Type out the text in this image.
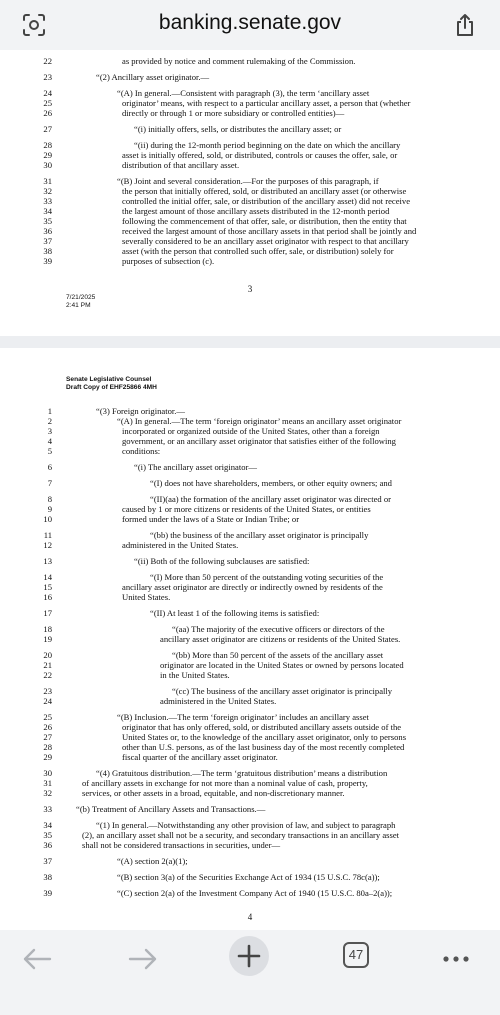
banking.senate.gov
22	as provided by notice and comment rulemaking of the Commission.
23	“(2) Ancillary asset originator.—
24	“(A) In general.—Consistent with paragraph (3), the term ‘ancillary asset
25	originator’ means, with respect to a particular ancillary asset, a person that (whether
26	directly or through 1 or more subsidiary or controlled entities)—
27	“(i) initially offers, sells, or distributes the ancillary asset; or
28	“(ii) during the 12-month period beginning on the date on which the ancillary
29	asset is initially offered, sold, or distributed, controls or causes the offer, sale, or
30	distribution of that ancillary asset.
31	“(B) Joint and several consideration.—For the purposes of this paragraph, if
32	the person that initially offered, sold, or distributed an ancillary asset (or otherwise
33	controlled the initial offer, sale, or distribution of the ancillary asset) did not receive
34	the largest amount of those ancillary assets distributed in the 12-month period
35	following the commencement of that offer, sale, or distribution, then the entity that
36	received the largest amount of those ancillary assets in that period shall be jointly and
37	severally considered to be an ancillary asset originator with respect to that ancillary
38	asset (with the person that controlled such offer, sale, or distribution) solely for
39	purposes of subsection (c).
3
7/21/2025
2:41 PM
Senate Legislative Counsel
Draft Copy of EHF25866 4MH
1	“(3) Foreign originator.—
2	“(A) In general.—The term ‘foreign originator’ means an ancillary asset originator
3	incorporated or organized outside of the United States, other than a foreign
4	government, or an ancillary asset originator that satisfies either of the following
5	conditions:
6	“(i) The ancillary asset originator—
7	“(I) does not have shareholders, members, or other equity owners; and
8	“(II)(aa) the formation of the ancillary asset originator was directed or
9	caused by 1 or more citizens or residents of the United States, or entities
10	formed under the laws of a State or Indian Tribe; or
11	“(bb) the business of the ancillary asset originator is principally
12	administered in the United States.
13	“(ii) Both of the following subclauses are satisfied:
14	“(I) More than 50 percent of the outstanding voting securities of the
15	ancillary asset originator are directly or indirectly owned by residents of the
16	United States.
17	“(II) At least 1 of the following items is satisfied:
18	“(aa) The majority of the executive officers or directors of the
19	ancillary asset originator are citizens or residents of the United States.
20	“(bb) More than 50 percent of the assets of the ancillary asset
21	originator are located in the United States or owned by persons located
22	in the United States.
23	“(cc) The business of the ancillary asset originator is principally
24	administered in the United States.
25	“(B) Inclusion.—The term ‘foreign originator’ includes an ancillary asset
26	originator that has only offered, sold, or distributed ancillary assets outside of the
27	United States or, to the knowledge of the ancillary asset originator, only to persons
28	other than U.S. persons, as of the last business day of the most recently completed
29	fiscal quarter of the ancillary asset originator.
30	“(4) Gratuitous distribution.—The term ‘gratuitous distribution’ means a distribution
31	of ancillary assets in exchange for not more than a nominal value of cash, property,
32	services, or other assets in a broad, equitable, and non-discretionary manner.
33	“(b) Treatment of Ancillary Assets and Transactions.—
34	“(1) In general.—Notwithstanding any other provision of law, and subject to paragraph
35	(2), an ancillary asset shall not be a security, and secondary transactions in an ancillary asset
36	shall not be considered transactions in securities, under—
37	“(A) section 2(a)(1);
38	“(B) section 3(a) of the Securities Exchange Act of 1934 (15 U.S.C. 78c(a));
39	“(C) section 2(a) of the Investment Company Act of 1940 (15 U.S.C. 80a–2(a));
4
47
